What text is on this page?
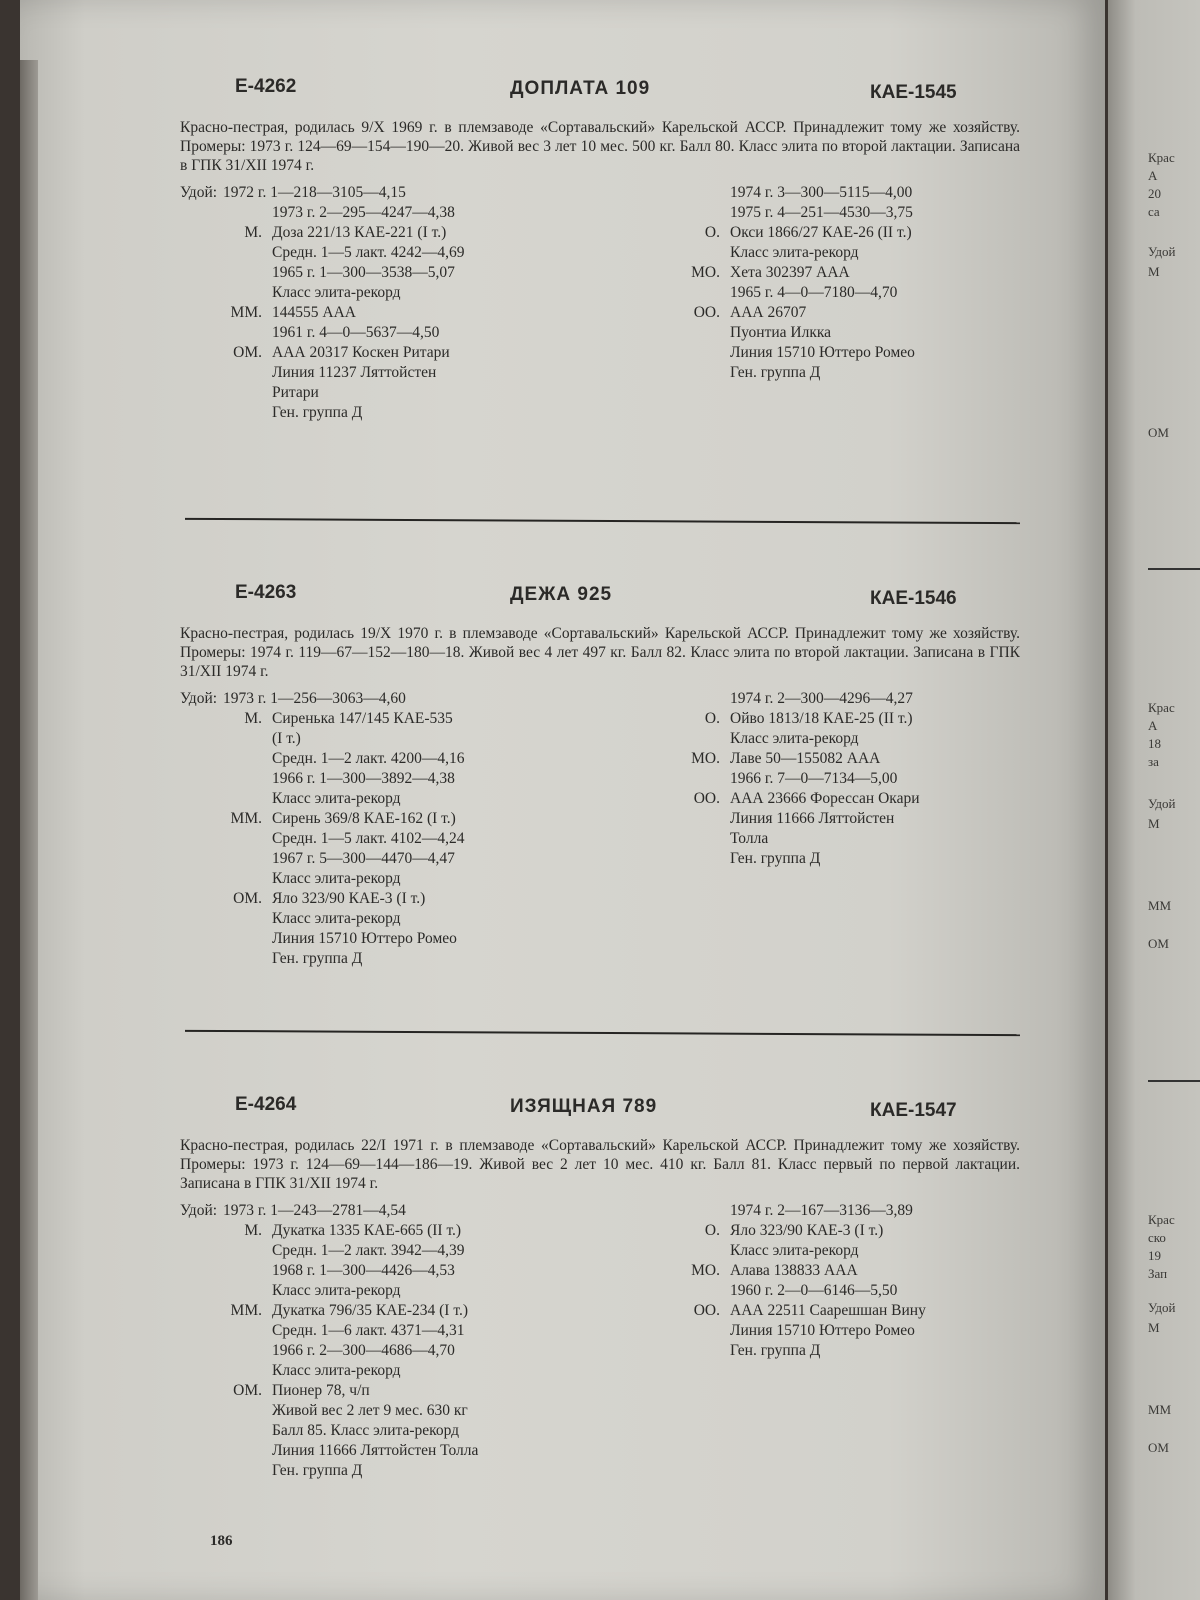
Крас
А
20
са
Удой
М
ОМ
Крас
А
18
за
Удой
М
ММ
ОМ
Крас
ско
19
Зап
Удой
М
ММ
ОМ
Е-4262	ДОПЛАТА 109	КАЕ-1545
Красно-пестрая, родилась 9/X 1969 г. в племзаводе «Сортавальский» Карельской АССР. Принадлежит тому же хозяйству. Промеры: 1973 г. 124—69—154—190—20. Живой вес 3 лет 10 мес. 500 кг. Балл 80. Класс элита по второй лактации. Записана в ГПК 31/XII 1974 г.
Удой: 1972 г. 1—218—3105—4,15
1973 г. 2—295—4247—4,38
М. Доза 221/13 КАЕ-221 (I т.)
Средн. 1—5 лакт. 4242—4,69
1965 г. 1—300—3538—5,07
Класс элита-рекорд
ММ. 144555 ААА
1961 г. 4—0—5637—4,50
ОМ. ААА 20317 Коскен Ритари
Линия 11237 Ляттойстен
Ритари
Ген. группа Д
1974 г. 3—300—5115—4,00
1975 г. 4—251—4530—3,75
О. Окси 1866/27 КАЕ-26 (II т.)
Класс элита-рекорд
МО. Хета 302397 ААА
1965 г. 4—0—7180—4,70
ОО. ААА 26707
Пуонтиа Илкка
Линия 15710 Юттеро Ромео
Ген. группа Д
Е-4263	ДЕЖА 925	КАЕ-1546
Красно-пестрая, родилась 19/X 1970 г. в племзаводе «Сортавальский» Карельской АССР. Принадлежит тому же хозяйству. Промеры: 1974 г. 119—67—152—180—18. Живой вес 4 лет 497 кг. Балл 82. Класс элита по второй лактации. Записана в ГПК 31/XII 1974 г.
Удой: 1973 г. 1—256—3063—4,60
М. Сиренька 147/145 КАЕ-535
(I т.)
Средн. 1—2 лакт. 4200—4,16
1966 г. 1—300—3892—4,38
Класс элита-рекорд
ММ. Сирень 369/8 КАЕ-162 (I т.)
Средн. 1—5 лакт. 4102—4,24
1967 г. 5—300—4470—4,47
Класс элита-рекорд
ОМ. Яло 323/90 КАЕ-3 (I т.)
Класс элита-рекорд
Линия 15710 Юттеро Ромео
Ген. группа Д
1974 г. 2—300—4296—4,27
О. Ойво 1813/18 КАЕ-25 (II т.)
Класс элита-рекорд
МО. Лаве 50—155082 ААА
1966 г. 7—0—7134—5,00
ОО. ААА 23666 Форессан Окари
Линия 11666 Ляттойстен
Толла
Ген. группа Д
Е-4264	ИЗЯЩНАЯ 789	КАЕ-1547
Красно-пестрая, родилась 22/I 1971 г. в племзаводе «Сортавальский» Карельской АССР. Принадлежит тому же хозяйству. Промеры: 1973 г. 124—69—144—186—19. Живой вес 2 лет 10 мес. 410 кг. Балл 81. Класс первый по первой лактации. Записана в ГПК 31/XII 1974 г.
Удой: 1973 г. 1—243—2781—4,54
М. Дукатка 1335 КАЕ-665 (II т.)
Средн. 1—2 лакт. 3942—4,39
1968 г. 1—300—4426—4,53
Класс элита-рекорд
ММ. Дукатка 796/35 КАЕ-234 (I т.)
Средн. 1—6 лакт. 4371—4,31
1966 г. 2—300—4686—4,70
Класс элита-рекорд
ОМ. Пионер 78, ч/п
Живой вес 2 лет 9 мес. 630 кг
Балл 85. Класс элита-рекорд
Линия 11666 Ляттойстен Толла
Ген. группа Д
1974 г. 2—167—3136—3,89
О. Яло 323/90 КАЕ-3 (I т.)
Класс элита-рекорд
МО. Алава 138833 ААА
1960 г. 2—0—6146—5,50
ОО. ААА 22511 Саарешшан Вину
Линия 15710 Юттеро Ромео
Ген. группа Д
186
